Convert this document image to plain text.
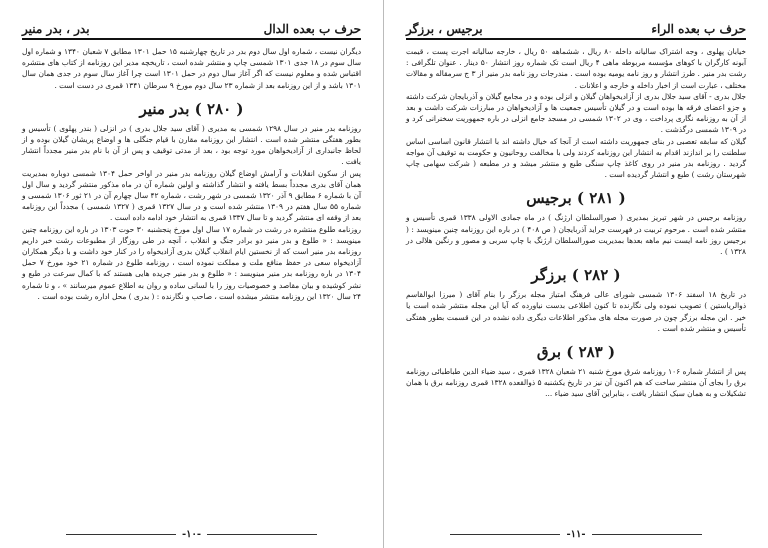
حرف ب بعده الدال
بدر ، بدر منیر

دیگران نیست ، شماره اول سال دوم بدر در تاریخ چهارشنبه ۱۵ حمل ۱۳۰۱ مطابق ۷ شعبان ۱۳۴۰ و شماره اول سال سوم در ۱۸ جدی ۱۳۰۱ شمسی چاپ و منتشر شده است ، تاریخچه مدیر این روزنامه از کتاب های منتشره اقتباس شده و معلوم نیست که اگر آغاز سال دوم در حمل ۱۳۰۱ است چرا آغاز سال سوم در جدی همان سال ۱۳۰۱ باشد و از این روزنامه بعد از شماره ۲۳ سال دوم مورخ ۹ سرطان ۱۳۴۱ قمری در دست است .

( ۲۸۰ ) بدر منیر

روزنامه بدر منیر در سال ۱۲۹۸ شمسی به مدیری ( آقای سید جلال بدری ) در انزلی ( بندر پهلوی ) تأسیس و بطور هفتگی منتشر شده است . انتشار این روزنامه مقارن با قیام جنگلی ها و اوضاع پریشان گیلان بوده و از لحاظ جانبداری از آزادیخواهان مورد توجه بود ، بعد از مدتی توقیف و پس از آن با نام بدر منیر مجدداً انتشار یافت .

پس از سکون انقلابات و آرامش اوضاع گیلان روزنامه بدر منیر در اواخر حمل ۱۳۰۴ شمسی دوباره بمدیریت همان آقای بدری مجدداً بسط یافته و انتشار گذاشته و اولین شماره آن در ماه مذکور منتشر گردید و سال اول آن با شماره ۶ مطابق ۹ آذر ۱۳۲۰ شمسی در شهر رشت ، شماره ۴۲ سال چهارم آن در ۲۱ ثور ۱۳۰۶ شمسی و شماره ۵۵ سال هفتم در ۱۳۰۹ منتشر شده است و در سال ۱۳۲۷ قمری ( ۱۳۲۷ شمسی ) مجدداً این روزنامه بعد از وقفه ای منتشر گردید و تا سال ۱۳۳۷ قمری به انتشار خود ادامه داده است .

روزنامه طلوع منتشره در رشت در شماره ۱۷ سال اول مورخ پنجشنبه ۳۰ حوت ۱۳۰۳ در باره این روزنامه چنین مینویسد : « طلوع و بدر منیر دو برادر جنگ و انقلاب ، آنچه در طی روزگار از مطبوعات رشت خبر داریم روزنامه بدر منیر است که از نخستین ایام انقلاب گیلان بدری آزادیخواه را در کنار خود داشت و با دیگر همکاران آزادیخواه سعی در حفظ منافع ملت و مملکت نموده است ، روزنامه طلوع در شماره ۲۱ خود مورخ ۷ حمل ۱۳۰۴ در باره روزنامه بدر منیر مینویسد : « طلوع و بدر منیر جریده هایی هستند که با کمال سرعت در طبع و نشر کوشیده و بیان مقاصد و خصوصیات روز را با لسانی ساده و روان به اطلاع عموم میرسانند » ، و تا شماره ۲۴ سال ۱۳۲۰ این روزنامه منتشر میشده است ، صاحب و نگارنده : ( بدری ) محل اداره رشت بوده است .

-۱۰-
حرف ب بعده الراء
برجیس ، برزگر

خیابان پهلوی ، وجه اشتراک سالیانه داخله ۸۰ ریال ، ششماهه ۵۰ ریال ، خارجه سالیانه اجرت پست ، قیمت آبونه کارگران با کوهای مؤسسه مربوطه ماهی ۴ ریال است تک شماره روز انتشار ۵۰ دینار . عنوان تلگرافی : رشت بدر منیر . طرز انتشار و روز نامه یومیه بوده است . مندرجات روز نامه بدر منیر از ۳ ج سرمقاله و مقالات مختلف ، عبارت است از اخبار داخله و خارجه و اعلانات .

جلال بدری - آقای سید جلال بدری از آزادیخواهان گیلان و انزلی بوده و در مجامع گیلان و آذربایجان شرکت داشته و جزو اعضای فرقه ها بوده است و در گیلان تأسیس جمعیت ها و آزادیخواهان در مبارزات شرکت داشت و بعد از آن به روزنامه نگاری پرداخت ، وی در ۱۳۰۲ شمسی در مسجد جامع انزلی در باره جمهوریت سخنرانی کرد و در ۱۳۰۹ شمسی درگذشت .

گیلان که سابقه تعصبی در بنای جمهوریت داشته است از آنجا که خیال داشته اند با انتشار قانون اساسی اساس سلطنت را بر اندازند اقدام به انتشار این روزنامه کردند ولی با مخالفت روحانیون و حکومت به توقیف آن مواجه گردید . روزنامه بدر منیر در روی کاغذ چاپ سنگی طبع و منتشر میشد و در مطبعه ( شرکت سهامی چاپ شهرستان رشت ) طبع و انتشار گردیده است .

( ۲۸۱ ) برجیس

روزنامه برجیس در شهر تبریز بمدیری ( صورالسلطان ارژنگ ) در ماه جمادی الاولی ۱۳۳۸ قمری تأسیس و منتشر شده است . مرحوم تربیت در فهرست جراید آذربایجان ( ص ۴۰۸ ) در باره این روزنامه چنین مینویسد : ( برجیس روز نامه ایست نیم ماهه بعدها بمدیریت صورالسلطان ارژنگ با چاپ سربی و مصور و رنگین هلالی در ۱۳۲۸ ) .

( ۲۸۲ ) برزگر

در تاریخ ۱۸ اسفند ۱۳۰۶ شمسی شورای عالی فرهنگ امتیاز مجله برزگر را بنام آقای ( میرزا ابوالقاسم ذوالریاستین ) تصویب نموده ولی نگارنده تا کنون اطلاعی بدست نیاورده که آیا این مجله منتشر شده است یا خیر . این مجله برزگر چون در صورت مجله های مذکور اطلاعات دیگری داده نشده در این قسمت بطور هفتگی تأسیس و منتشر شده است .

( ۲۸۳ ) برق

پس از انتشار شماره ۱۰۶ روزنامه شرق مورخ شنبه ۲۱ شعبان ۱۳۲۸ قمری ، سید ضیاء الدین طباطبائی روزنامه برق را بجای آن منتشر ساخت که هم اکنون آن نیز در تاریخ یکشنبه ۵ ذوالقعده ۱۳۲۸ قمری روزنامه برق با همان تشکیلات و به همان سبک انتشار یافت ، بنابراین آقای سید ضیاء ...

-۱۱-
